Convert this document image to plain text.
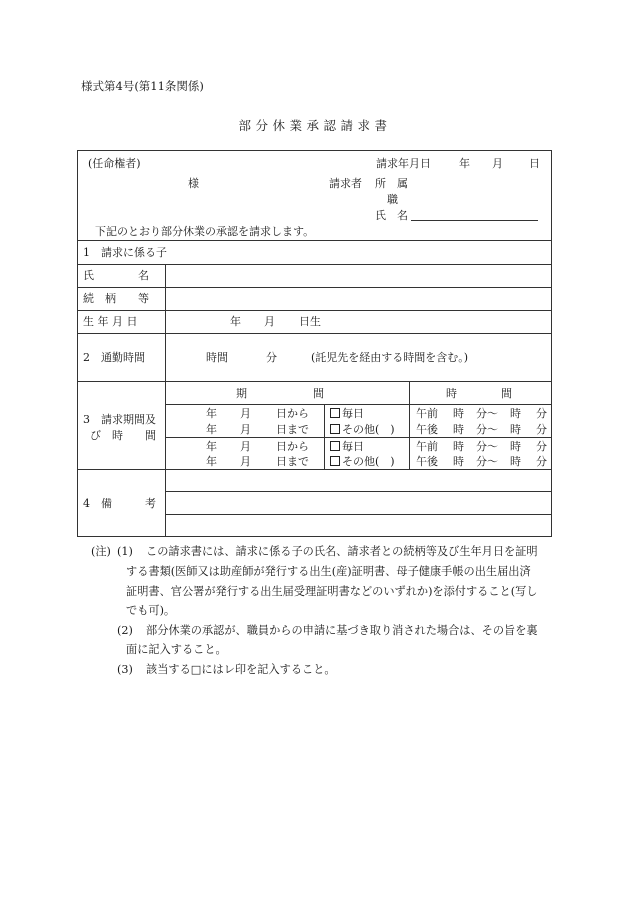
様式第4号(第11条関係)
部分休業承認請求書
(任命権者)
様
請求年月日	年 月 日
請求者 所　属
職
氏　名
下記のとおり部分休業の承認を請求します。
1　請求に係る子
氏　　　　名
続　柄　　等
生 年 月 日	年 月 日生
2　通勤時間	時間	分	(託児先を経由する時間を含む。)
3　請求期間及
び　時　　間
期　　　　　　間	時　　　　間
年 月 日から	毎日	午前 時 分〜 時 分
年 月 日まで	その他(　) 午後 時 分〜 時 分
年 月 日から	毎日	午前 時 分〜 時 分
年 月 日まで	その他(　) 午後 時 分〜 時 分
4　備　　　考
(注) (1) この請求書には、請求に係る子の氏名、請求者との続柄等及び生年月日を証明
する書類(医師又は助産師が発行する出生(産)証明書、母子健康手帳の出生届出済
証明書、官公署が発行する出生届受理証明書などのいずれか)を添付すること(写し
でも可)。
(2) 部分休業の承認が、職員からの申請に基づき取り消された場合は、その旨を裏
面に記入すること。
(3) 該当する□にはレ印を記入すること。
